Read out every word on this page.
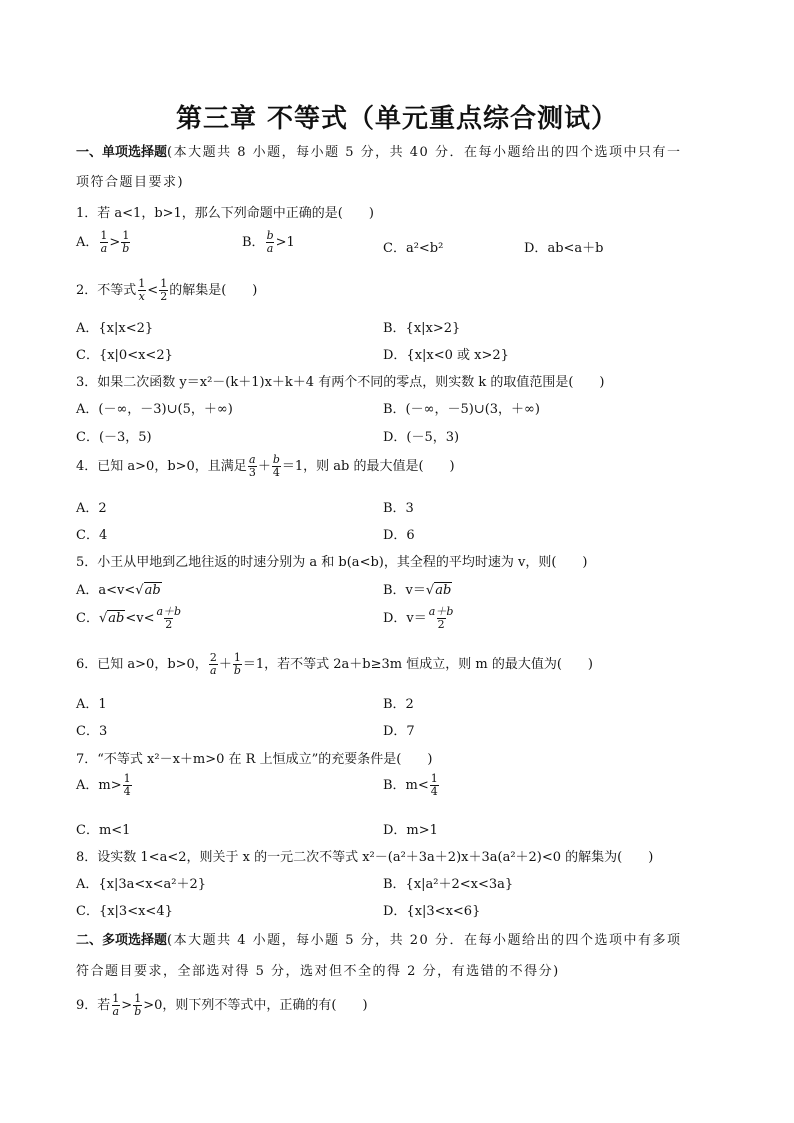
第三章 不等式（单元重点综合测试）
一、单项选择题(本大题共 8 小题，每小题 5 分，共 40 分．在每小题给出的四个选项中只有一
项符合题目要求)
1．若 a<1，b>1，那么下列命题中正确的是(　　)
A． $\frac{1}{a} > \frac{1}{b}$	B． $\frac{b}{a} >1$	C．a²<b²	D．ab<a＋b
2．不等式 $\frac{1}{x} < \frac{1}{2}$ 的解集是(　　)
A．{x|x<2}	B．{x|x>2}
C．{x|0<x<2}	D．{x|x<0 或 x>2}
3．如果二次函数 y＝x²－(k＋1)x＋k＋4 有两个不同的零点，则实数 k 的取值范围是(　　)
A．(－∞，－3)∪(5，＋∞)	B．(－∞，－5)∪(3，＋∞)
C．(－3，5)	D．(－5，3)
4．已知 a>0，b>0，且满足 $\frac{a}{3} + \frac{b}{4} =1$，则 ab 的最大值是(　　)
A．2	B．3
C．4	D．6
5．小王从甲地到乙地往返的时速分别为 a 和 b(a<b)，其全程的平均时速为 v，则(　　)
A．a<v<√ab	B．v＝√ab
C．$√ab<v< \frac{a+b}{2}$	D．$v= \frac{a+b}{2}$
6．已知 a>0，b>0， $\frac{2}{a} + \frac{1}{b} =1$，若不等式 2a＋b≥3m 恒成立，则 m 的最大值为(　　)
A．1	B．2
C．3	D．7
7．“不等式 x²－x＋m>0 在 R 上恒成立”的充要条件是(　　)
A．$m> \frac{1}{4}$	B．$m< \frac{1}{4}$
C．m<1	D．m>1
8．设实数 1<a<2，则关于 x 的一元二次不等式 x²－(a²＋3a＋2)x＋3a(a²＋2)<0 的解集为(　　)
A．{x|3a<x<a²＋2}	B．{x|a²＋2<x<3a}
C．{x|3<x<4}	D．{x|3<x<6}
二、多项选择题(本大题共 4 小题，每小题 5 分，共 20 分．在每小题给出的四个选项中有多项
符合题目要求，全部选对得 5 分，选对但不全的得 2 分，有选错的不得分)
9．若 $\frac{1}{a} > \frac{1}{b} >0$，则下列不等式中，正确的有(　　)
